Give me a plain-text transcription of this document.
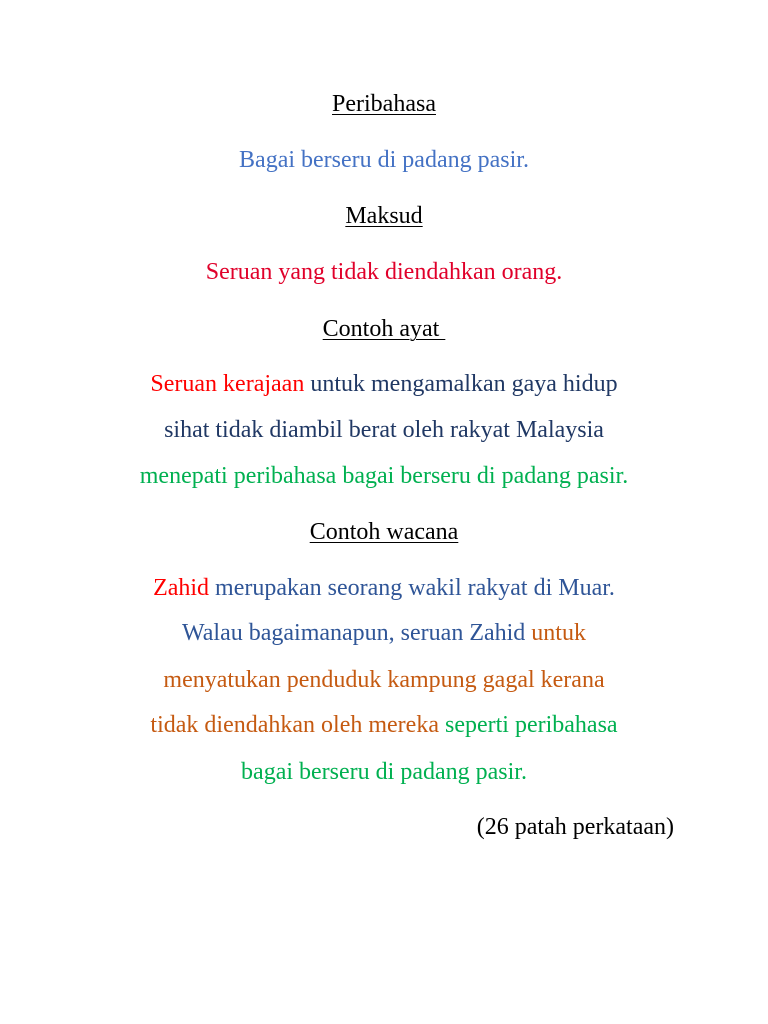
Peribahasa
Bagai berseru di padang pasir.
Maksud
Seruan yang tidak diendahkan orang.
Contoh ayat
Seruan kerajaan untuk mengamalkan gaya hidup
sihat tidak diambil berat oleh rakyat Malaysia
menepati peribahasa bagai berseru di padang pasir.
Contoh wacana
Zahid merupakan seorang wakil rakyat di Muar.
Walau bagaimanapun, seruan Zahid untuk
menyatukan penduduk kampung gagal kerana
tidak diendahkan oleh mereka seperti peribahasa
bagai berseru di padang pasir.
(26 patah perkataan)
